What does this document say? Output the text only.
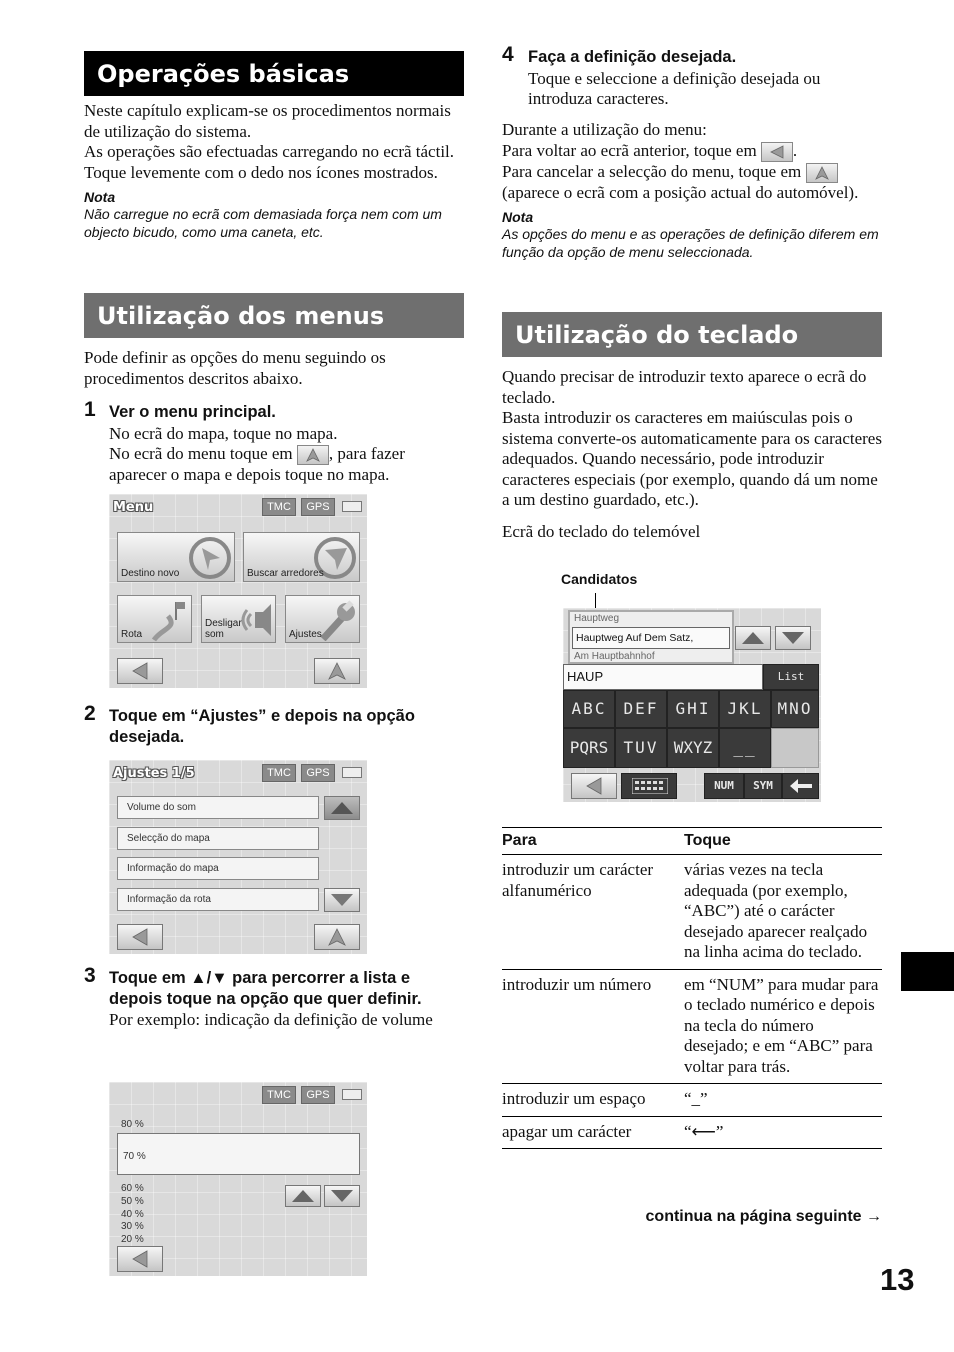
Operações básicas

Neste capítulo explicam-se os procedimentos normais de utilização do sistema.

As operações são efectuadas carregando no ecrã táctil. Toque levemente com o dedo nos ícones mostrados.

Nota
Não carregue no ecrã com demasiada força nem com um objecto bicudo, como uma caneta, etc.
Utilização dos menus

Pode definir as opções do menu seguindo os procedimentos descritos abaixo.

1 Ver o menu principal.

No ecrã do mapa, toque no mapa.

No ecrã do menu toque em , para fazer aparecer o mapa e depois toque no mapa.

Menu	TMC	GPS
Destino novo	Buscar arredores
Rota
Desligar som	Ajustes
2 Toque em “Ajustes” e depois na opção desejada.
Ajustes 1/5	TMC	GPS
Volume do som
Selecção do mapa
Informação do mapa
Informação da rota
3 Toque em ▲/▼ para percorrer a lista e depois toque na opção que quer definir.

Por exemplo: indicação da definição de volume

TMC	GPS
80 %
70 %
60 %
50 %
40 %
30 %
20 %
4 Faça a definição desejada.

Toque e seleccione a definição desejada ou introduza caracteres.

Durante a utilização do menu:

Para voltar ao ecrã anterior, toque em .

Para cancelar a selecção do menu, toque em
(aparece o ecrã com a posição actual do automóvel).

Nota
As opções do menu e as operações de definição diferem em função da opção de menu seleccionada.
Utilização do teclado

Quando precisar de introduzir texto aparece o ecrã do teclado.

Basta introduzir os caracteres em maiúsculas pois o sistema converte-os automaticamente para os caracteres adequados. Quando necessário, pode introduzir caracteres especiais (por exemplo, quando dá um nome a um destino guardado, etc.).

Ecrã do teclado do telemóvel

Candidatos
Hauptweg
Hauptweg Auf Dem Satz,
Am Hauptbahnhof
HAUP	List
ABC	DEF	GHI	JKL MNO
PQRS TUV WXYZ	__
NUM	SYM
Para	Toque
introduzir um carácter alfanumérico	várias vezes na tecla adequada (por exemplo, “ABC”) até o carácter desejado aparecer realçado na linha acima do teclado.
introduzir um número	em “NUM” para mudar para o teclado numérico e depois na tecla do número desejado; e em “ABC” para voltar para trás.
introduzir um espaço	“_”
apagar um carácter	“⟵”
continua na página seguinte →
13
